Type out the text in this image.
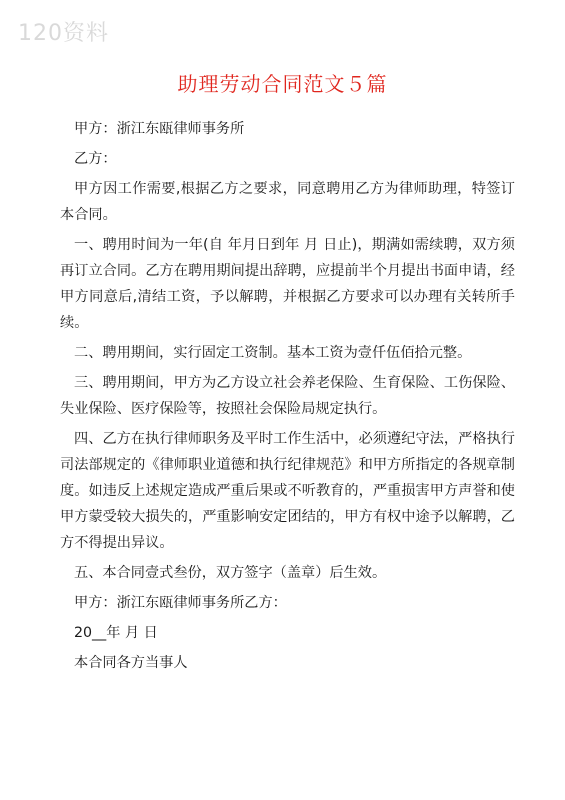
120资料
助理劳动合同范文５篇

甲方：浙江东瓯律师事务所

乙方：

甲方因工作需要,根据乙方之要求，同意聘用乙方为律师助理，特签订本合同。

一、聘用时间为一年(自 年月日到年 月 日止)，期满如需续聘，双方须再订立合同。乙方在聘用期间提出辞聘，应提前半个月提出书面申请，经甲方同意后,清结工资，予以解聘，并根据乙方要求可以办理有关转所手续。

二、聘用期间，实行固定工资制。基本工资为壹仟伍佰拾元整。

三、聘用期间，甲方为乙方设立社会养老保险、生育保险、工伤保险、失业保险、医疗保险等，按照社会保险局规定执行。

四、乙方在执行律师职务及平时工作生活中，必须遵纪守法，严格执行司法部规定的《律师职业道德和执行纪律规范》和甲方所指定的各规章制度。如违反上述规定造成严重后果或不听教育的，严重损害甲方声誉和使甲方蒙受较大损失的，严重影响安定团结的，甲方有权中途予以解聘，乙方不得提出异议。

五、本合同壹式叁份，双方签字（盖章）后生效。

甲方：浙江东瓯律师事务所乙方：

20__年 月 日

本合同各方当事人
